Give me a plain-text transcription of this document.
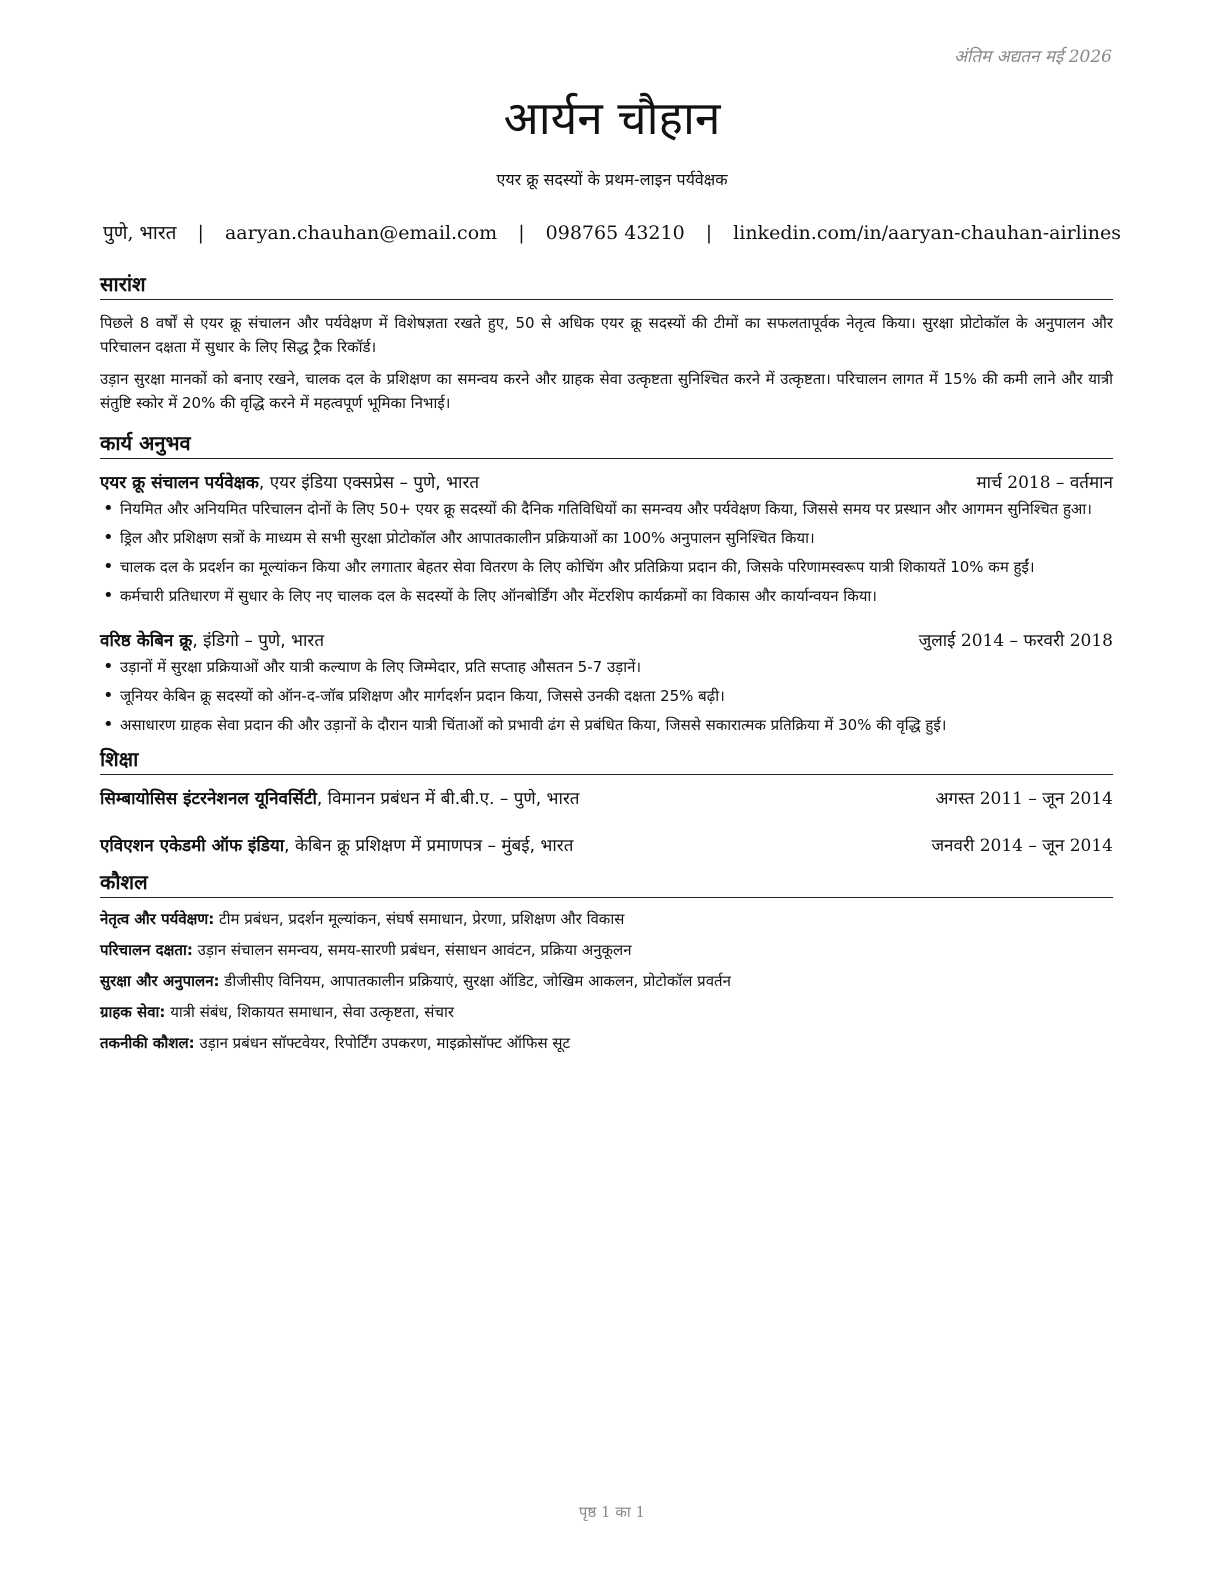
अंतिम अद्यतन मई 2026
आर्यन चौहान
एयर क्रू सदस्यों के प्रथम-लाइन पर्यवेक्षक
पुणे, भारत | aaryan.chauhan@email.com | 098765 43210 | linkedin.com/in/aaryan-chauhan-airlines
सारांश

पिछले 8 वर्षों से एयर क्रू संचालन और पर्यवेक्षण में विशेषज्ञता रखते हुए, 50 से अधिक एयर क्रू सदस्यों की टीमों का सफलतापूर्वक नेतृत्व किया। सुरक्षा प्रोटोकॉल के अनुपालन और परिचालन दक्षता में सुधार के लिए सिद्ध ट्रैक रिकॉर्ड।

उड़ान सुरक्षा मानकों को बनाए रखने, चालक दल के प्रशिक्षण का समन्वय करने और ग्राहक सेवा उत्कृष्टता सुनिश्चित करने में उत्कृष्टता। परिचालन लागत में 15% की कमी लाने और यात्री संतुष्टि स्कोर में 20% की वृद्धि करने में महत्वपूर्ण भूमिका निभाई।

कार्य अनुभव
एयर क्रू संचालन पर्यवेक्षक, एयर इंडिया एक्सप्रेस – पुणे, भारत	मार्च 2018 – वर्तमान
• नियमित और अनियमित परिचालन दोनों के लिए 50+ एयर क्रू सदस्यों की दैनिक गतिविधियों का समन्वय और पर्यवेक्षण किया, जिससे समय पर प्रस्थान और आगमन सुनिश्चित हुआ।
• ड्रिल और प्रशिक्षण सत्रों के माध्यम से सभी सुरक्षा प्रोटोकॉल और आपातकालीन प्रक्रियाओं का 100% अनुपालन सुनिश्चित किया।
• चालक दल के प्रदर्शन का मूल्यांकन किया और लगातार बेहतर सेवा वितरण के लिए कोचिंग और प्रतिक्रिया प्रदान की, जिसके परिणामस्वरूप यात्री शिकायतें 10% कम हुईं।
• कर्मचारी प्रतिधारण में सुधार के लिए नए चालक दल के सदस्यों के लिए ऑनबोर्डिंग और मेंटरशिप कार्यक्रमों का विकास और कार्यान्वयन किया।
वरिष्ठ केबिन क्रू, इंडिगो – पुणे, भारत	जुलाई 2014 – फरवरी 2018
• उड़ानों में सुरक्षा प्रक्रियाओं और यात्री कल्याण के लिए जिम्मेदार, प्रति सप्ताह औसतन 5-7 उड़ानें।
• जूनियर केबिन क्रू सदस्यों को ऑन-द-जॉब प्रशिक्षण और मार्गदर्शन प्रदान किया, जिससे उनकी दक्षता 25% बढ़ी।
• असाधारण ग्राहक सेवा प्रदान की और उड़ानों के दौरान यात्री चिंताओं को प्रभावी ढंग से प्रबंधित किया, जिससे सकारात्मक प्रतिक्रिया में 30% की वृद्धि हुई।
शिक्षा
सिम्बायोसिस इंटरनेशनल यूनिवर्सिटी, विमानन प्रबंधन में बी.बी.ए. – पुणे, भारत	अगस्त 2011 – जून 2014
एविएशन एकेडमी ऑफ इंडिया, केबिन क्रू प्रशिक्षण में प्रमाणपत्र – मुंबई, भारत	जनवरी 2014 – जून 2014
कौशल

नेतृत्व और पर्यवेक्षण: टीम प्रबंधन, प्रदर्शन मूल्यांकन, संघर्ष समाधान, प्रेरणा, प्रशिक्षण और विकास

परिचालन दक्षता: उड़ान संचालन समन्वय, समय-सारणी प्रबंधन, संसाधन आवंटन, प्रक्रिया अनुकूलन

सुरक्षा और अनुपालन: डीजीसीए विनियम, आपातकालीन प्रक्रियाएं, सुरक्षा ऑडिट, जोखिम आकलन, प्रोटोकॉल प्रवर्तन

ग्राहक सेवा: यात्री संबंध, शिकायत समाधान, सेवा उत्कृष्टता, संचार

तकनीकी कौशल: उड़ान प्रबंधन सॉफ्टवेयर, रिपोर्टिंग उपकरण, माइक्रोसॉफ्ट ऑफिस सूट

पृष्ठ 1 का 1
